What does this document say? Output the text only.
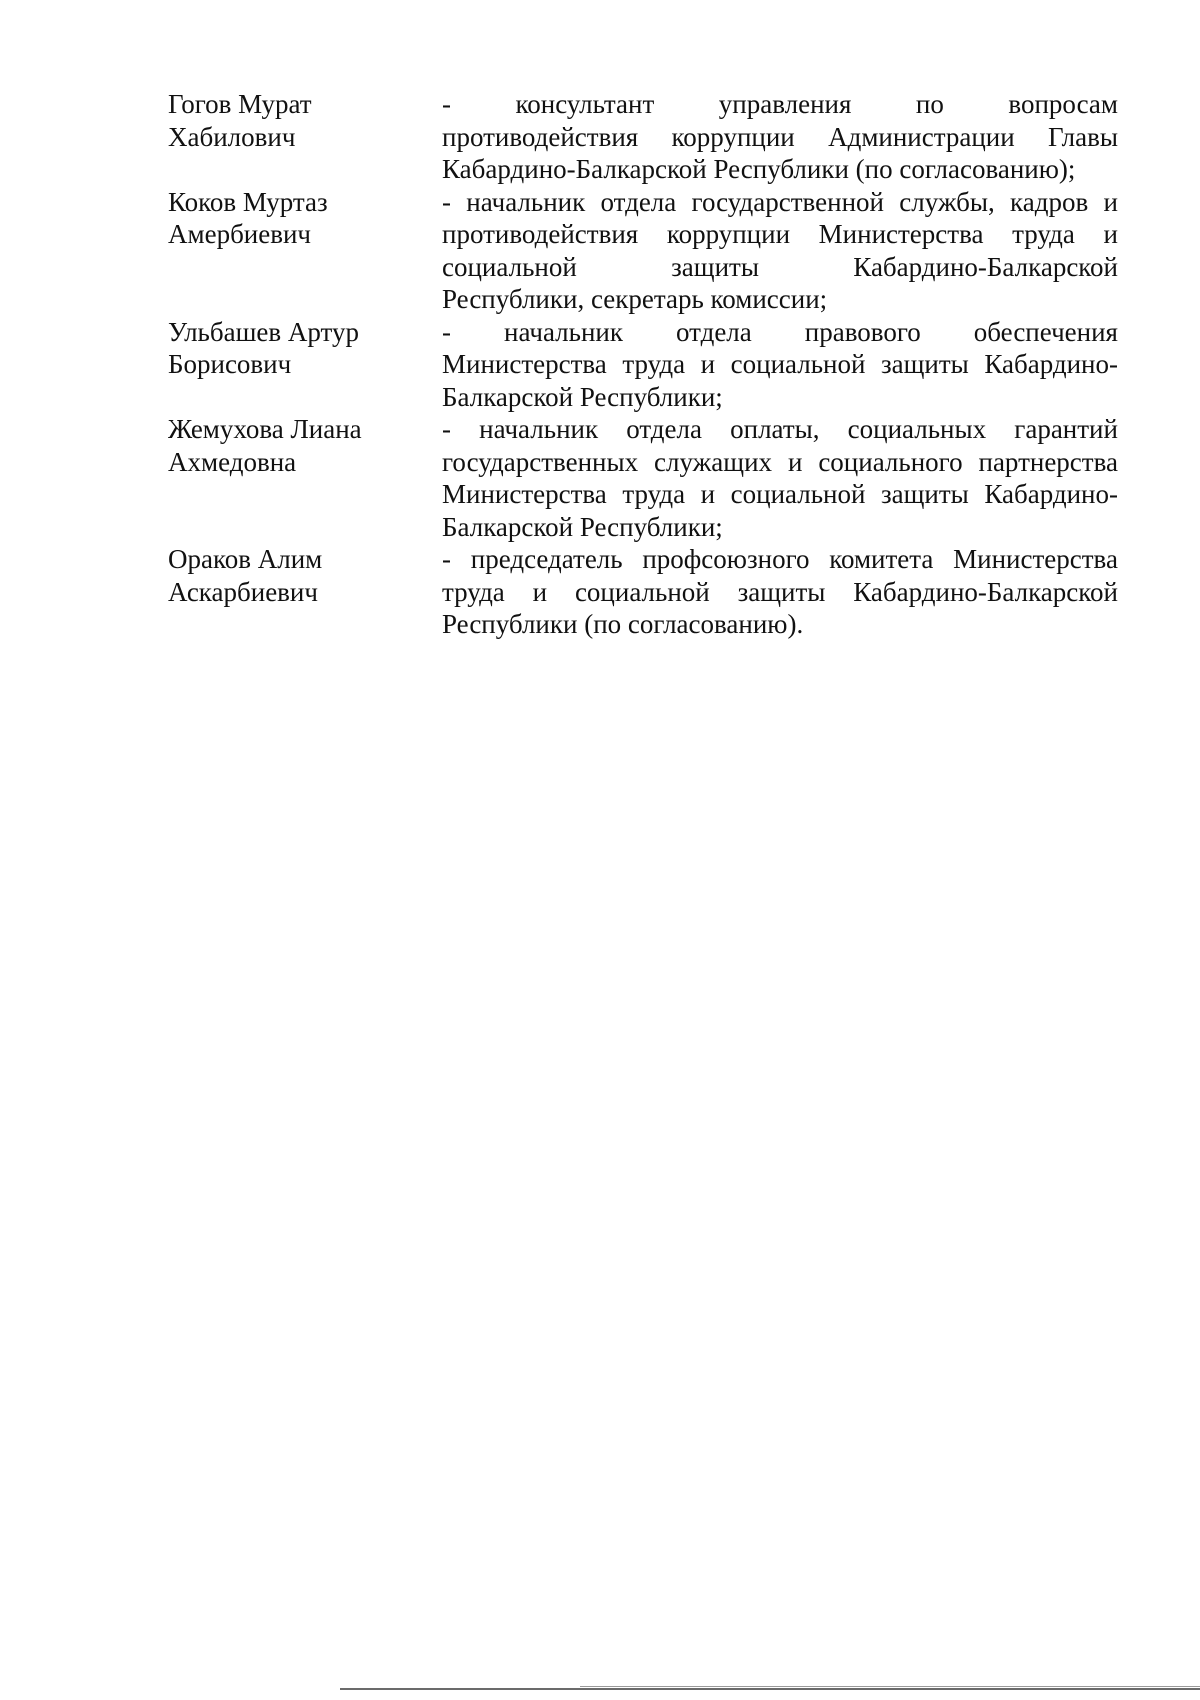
Гогов Мурат
Хабилович
- консультант управления по вопросам
противодействия коррупции Администрации Главы
Кабардино-Балкарской Республики (по согласованию);
Коков Муртаз
Амербиевич
- начальник отдела государственной службы, кадров и
противодействия коррупции Министерства труда и
социальной	защиты	Кабардино-Балкарской
Республики, секретарь комиссии;
Ульбашев Артур
Борисович
- начальник отдела правового обеспечения
Министерства труда и социальной защиты Кабардино-
Балкарской Республики;
Жемухова Лиана
Ахмедовна
- начальник отдела оплаты, социальных гарантий
государственных служащих и социального партнерства
Министерства труда и социальной защиты Кабардино-
Балкарской Республики;
Ораков Алим
Аскарбиевич
- председатель профсоюзного комитета Министерства
труда и социальной защиты Кабардино-Балкарской
Республики (по согласованию).
